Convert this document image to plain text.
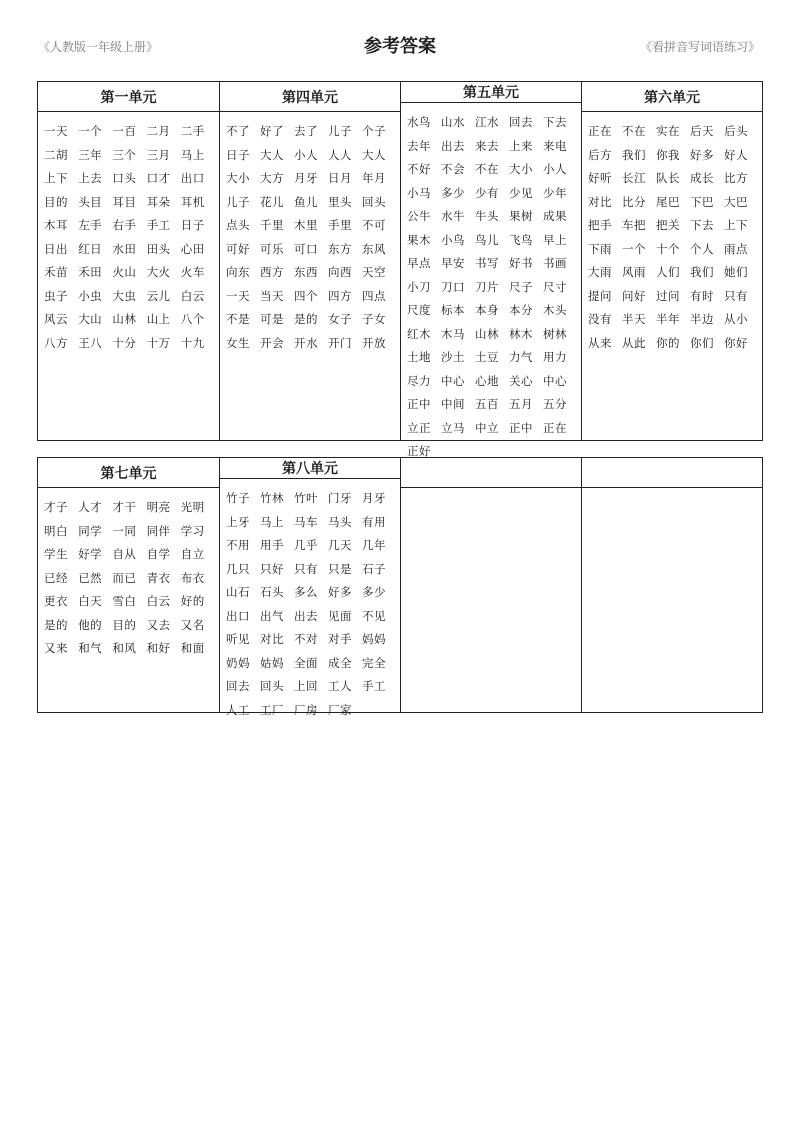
《人教版一年级上册》	参考答案	《看拼音写词语练习》
第一单元
一天 一个 一百 二月 二手
二胡 三年 三个 三月 马上
上下 上去 口头 口才 出口
目的 头目 耳目 耳朵 耳机
木耳 左手 右手 手工 日子
日出 红日 水田 田头 心田
禾苗 禾田 火山 大火 火车
虫子 小虫 大虫 云儿 白云
风云 大山 山林 山上 八个
八方 王八 十分 十万 十九
第四单元
不了 好了 去了 儿子 个子
日子 大人 小人 人人 大人
大小 大方 月牙 日月 年月
儿子 花儿 鱼儿 里头 回头
点头 千里 木里 手里 不可
可好 可乐 可口 东方 东风
向东 西方 东西 向西 天空
一天 当天 四个 四方 四点
不是 可是 是的 女子 子女
女生 开会 开水 开门 开放
第五单元
水鸟 山水 江水 回去 下去
去年 出去 来去 上来 来电
不好 不会 不在 大小 小人
小马 多少 少有 少见 少年
公牛 水牛 牛头 果树 成果
果木 小鸟 鸟儿 飞鸟 早上
早点 早安 书写 好书 书画
小刀 刀口 刀片 尺子 尺寸
尺度 标本 本身 本分 木头
红木 木马 山林 林木 树林
土地 沙土 土豆 力气 用力
尽力 中心 心地 关心 中心
正中 中间 五百 五月 五分
立正 立马 中立 正中 正在
正好
第六单元
正在 不在 实在 后天 后头
后方 我们 你我 好多 好人
好听 长江 队长 成长 比方
对比 比分 尾巴 下巴 大巴
把手 车把 把关 下去 上下
下雨 一个 十个 个人 雨点
大雨 风雨 人们 我们 她们
提问 问好 过问 有时 只有
没有 半天 半年 半边 从小
从来 从此 你的 你们 你好
第七单元
才子 人才 才干 明亮 光明
明白 同学 一同 同伴 学习
学生 好学 自从 自学 自立
已经 已然 而已 青衣 布衣
更衣 白天 雪白 白云 好的
是的 他的 目的 又去 又名
又来 和气 和风 和好 和面
第八单元
竹子 竹林 竹叶 门牙 月牙
上牙 马上 马车 马头 有用
不用 用手 几乎 几天 几年
几只 只好 只有 只是 石子
山石 石头 多么 好多 多少
出口 出气 出去 见面 不见
听见 对比 不对 对手 妈妈
奶妈 姑妈 全面 成全 完全
回去 回头 上回 工人 手工
人工 工厂 厂房 厂家
